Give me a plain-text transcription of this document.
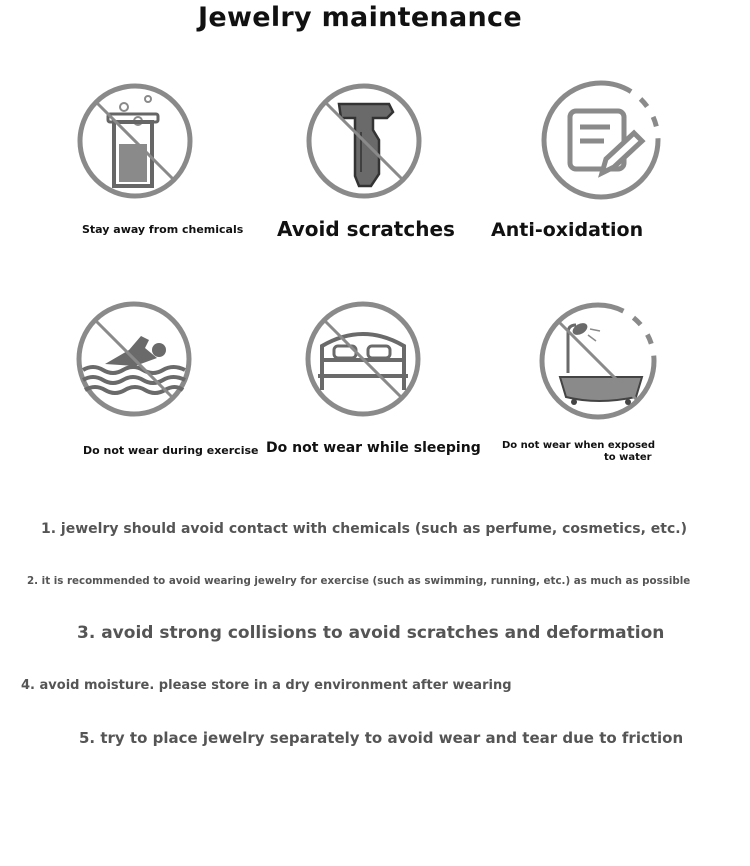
Jewelry maintenance
Stay away from chemicals Avoid scratches Anti-oxidation
Do not wear during exercise Do not wear while sleeping Do not wear when exposed
to water
1. jewelry should avoid contact with chemicals (such as perfume, cosmetics, etc.)
2. it is recommended to avoid wearing jewelry for exercise (such as swimming, running, etc.) as much as possible
3. avoid strong collisions to avoid scratches and deformation
4. avoid moisture. please store in a dry environment after wearing
5. try to place jewelry separately to avoid wear and tear due to friction
